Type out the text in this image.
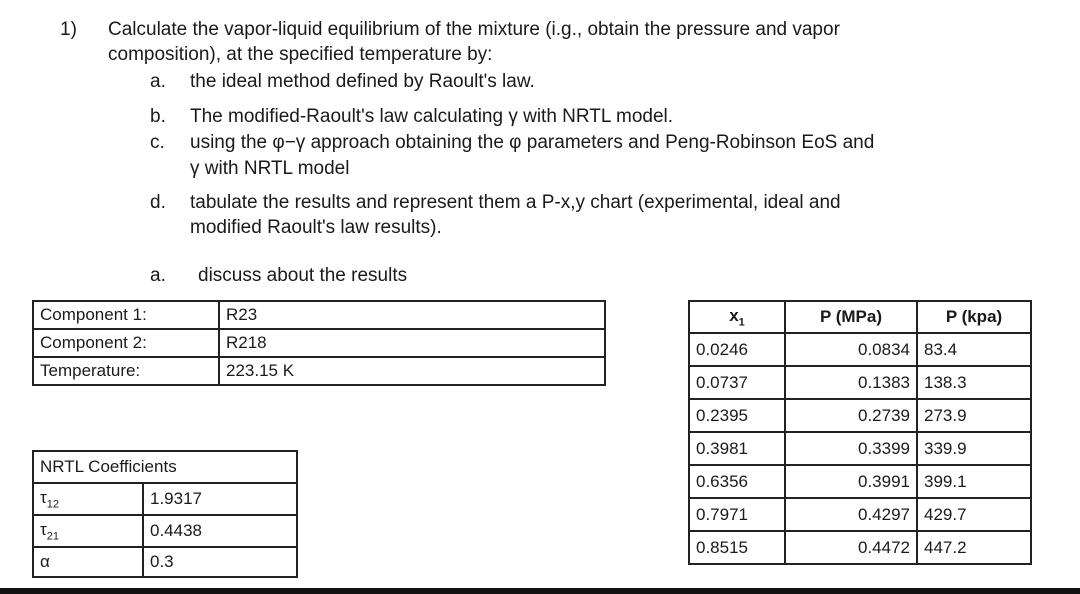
1) Calculate the vapor-liquid equilibrium of the mixture (i.g., obtain the pressure and vapor
composition), at the specified temperature by:
a. the ideal method defined by Raoult's law.
b. The modified-Raoult's law calculating γ with NRTL model.
c. using the φ−γ approach obtaining the φ parameters and Peng-Robinson EoS and
γ with NRTL model
d. tabulate the results and represent them a P-x,y chart (experimental, ideal and
modified Raoult's law results).
a. discuss about the results
Component 1:	R23
Component 2:	R218
Temperature:	223.15 K
NRTL Coefficients	
$\tau_{12}$	1.9317
$\tau_{21}$	0.4438
α	0.3
$x_1$	P (MPa)	P (kpa)
0.0246	0.0834	83.4
0.0737	0.1383	138.3
0.2395	0.2739	273.9
0.3981	0.3399	339.9
0.6356	0.3991	399.1
0.7971	0.4297	429.7
0.8515	0.4472	447.2
